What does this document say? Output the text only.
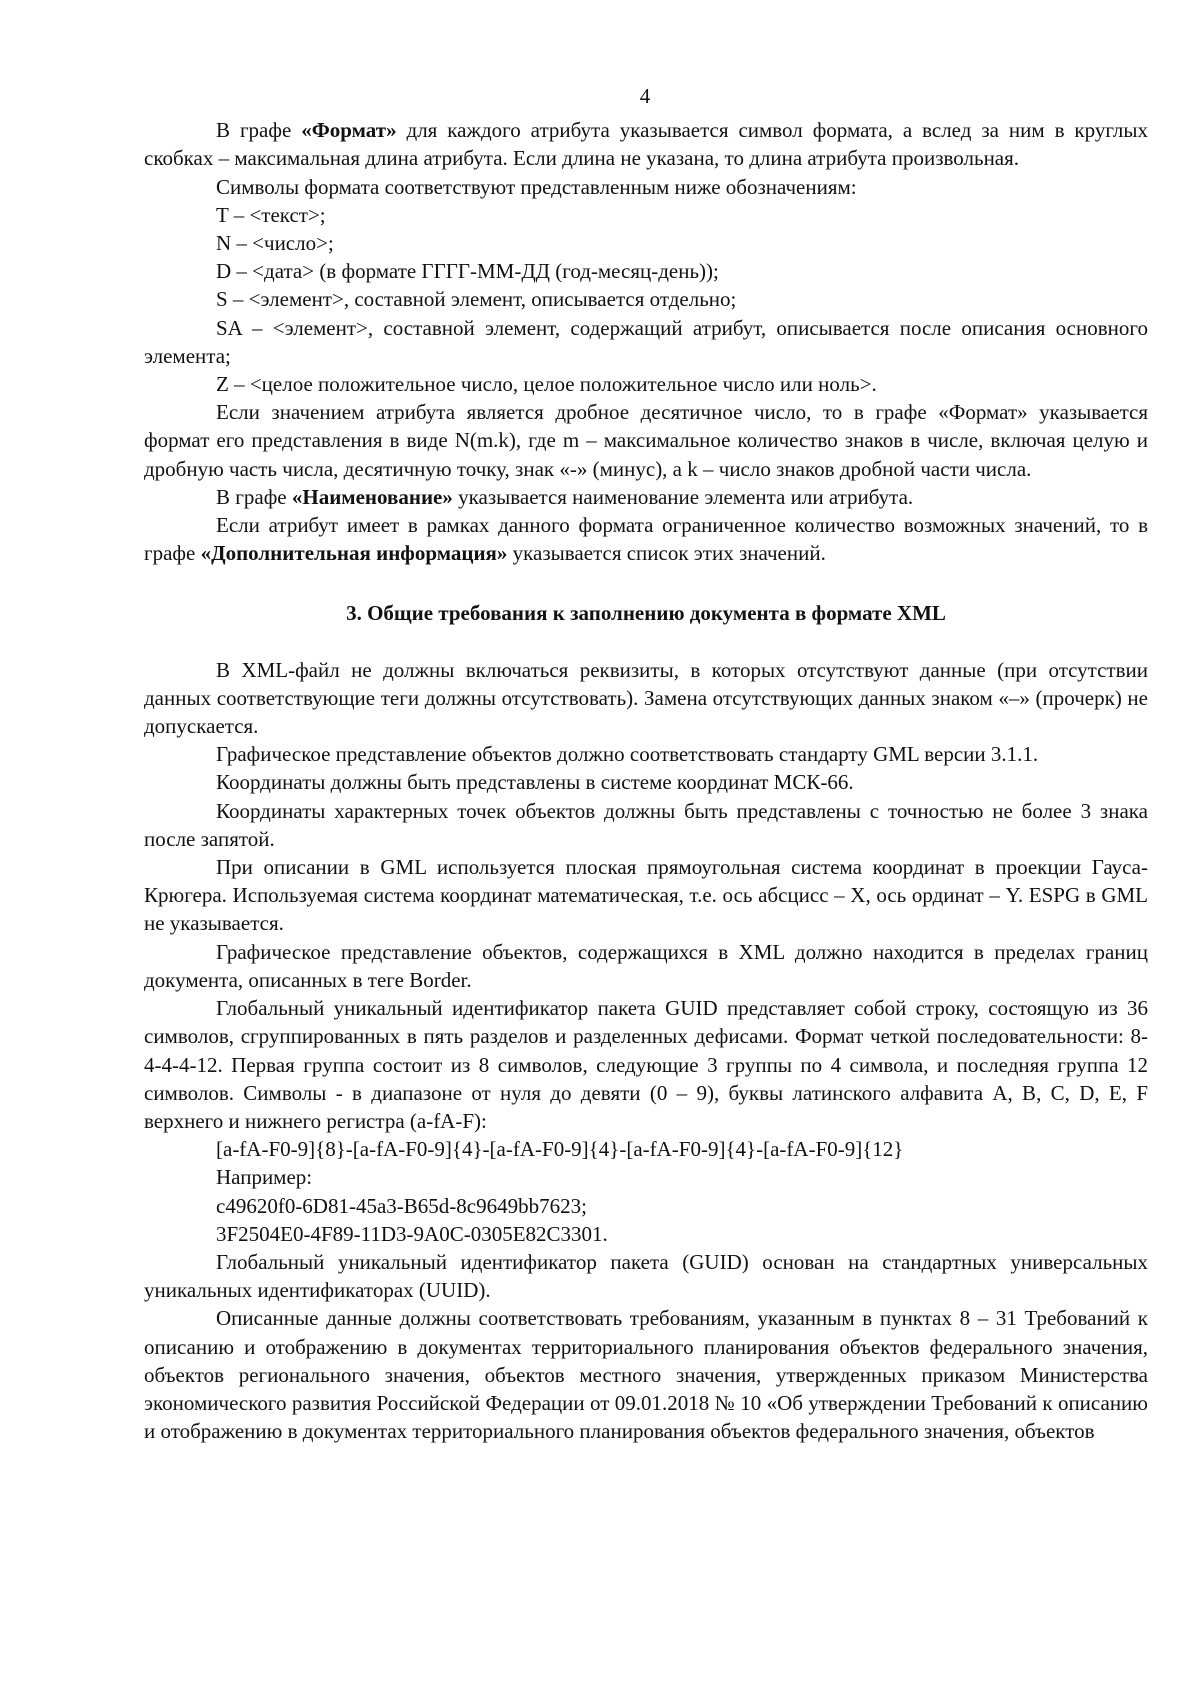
4

В графе «Формат» для каждого атрибута указывается символ формата, а вслед за ним в круглых скобках – максимальная длина атрибута. Если длина не указана, то длина атрибута произвольная.

Символы формата соответствуют представленным ниже обозначениям:

T – <текст>;

N – <число>;

D – <дата> (в формате ГГГГ-ММ-ДД (год-месяц-день));

S – <элемент>, составной элемент, описывается отдельно;

SA – <элемент>, составной элемент, содержащий атрибут, описывается после описания основного элемента;

Z – <целое положительное число, целое положительное число или ноль>.

Если значением атрибута является дробное десятичное число, то в графе «Формат» указывается формат его представления в виде N(m.k), где m – максимальное количество знаков в числе, включая целую и дробную часть числа, десятичную точку, знак «-» (минус), а k – число знаков дробной части числа.

В графе «Наименование» указывается наименование элемента или атрибута.

Если атрибут имеет в рамках данного формата ограниченное количество возможных значений, то в графе «Дополнительная информация» указывается список этих значений.

3. Общие требования к заполнению документа в формате XML

В XML-файл не должны включаться реквизиты, в которых отсутствуют данные (при отсутствии данных соответствующие теги должны отсутствовать). Замена отсутствующих данных знаком «–» (прочерк) не допускается.

Графическое представление объектов должно соответствовать стандарту GML версии 3.1.1.

Координаты должны быть представлены в системе координат МСК-66.

Координаты характерных точек объектов должны быть представлены с точностью не более 3 знака после запятой.

При описании в GML используется плоская прямоугольная система координат в проекции Гауса-Крюгера. Используемая система координат математическая, т.е. ось абсцисс – X, ось ординат – Y. ESPG в GML не указывается.

Графическое представление объектов, содержащихся в XML должно находится в пределах границ документа, описанных в теге Border.

Глобальный уникальный идентификатор пакета GUID представляет собой строку, состоящую из 36 символов, сгруппированных в пять разделов и разделенных дефисами. Формат четкой последовательности: 8-4-4-4-12. Первая группа состоит из 8 символов, следующие 3 группы по 4 символа, и последняя группа 12 символов. Символы - в диапазоне от нуля до девяти (0 – 9), буквы латинского алфавита A, B, C, D, E, F верхнего и нижнего регистра (a-fA-F):

[a-fA-F0-9]{8}-[a-fA-F0-9]{4}-[a-fA-F0-9]{4}-[a-fA-F0-9]{4}-[a-fA-F0-9]{12}

Например:

c49620f0-6D81-45a3-B65d-8c9649bb7623;

3F2504E0-4F89-11D3-9A0C-0305E82C3301.

Глобальный уникальный идентификатор пакета (GUID) основан на стандартных универсальных уникальных идентификаторах (UUID).

Описанные данные должны соответствовать требованиям, указанным в пунктах 8 – 31 Требований к описанию и отображению в документах территориального планирования объектов федерального значения, объектов регионального значения, объектов местного значения, утвержденных приказом Министерства экономического развития Российской Федерации от 09.01.2018 № 10 «Об утверждении Требований к описанию и отображению в документах территориального планирования объектов федерального значения, объектов
